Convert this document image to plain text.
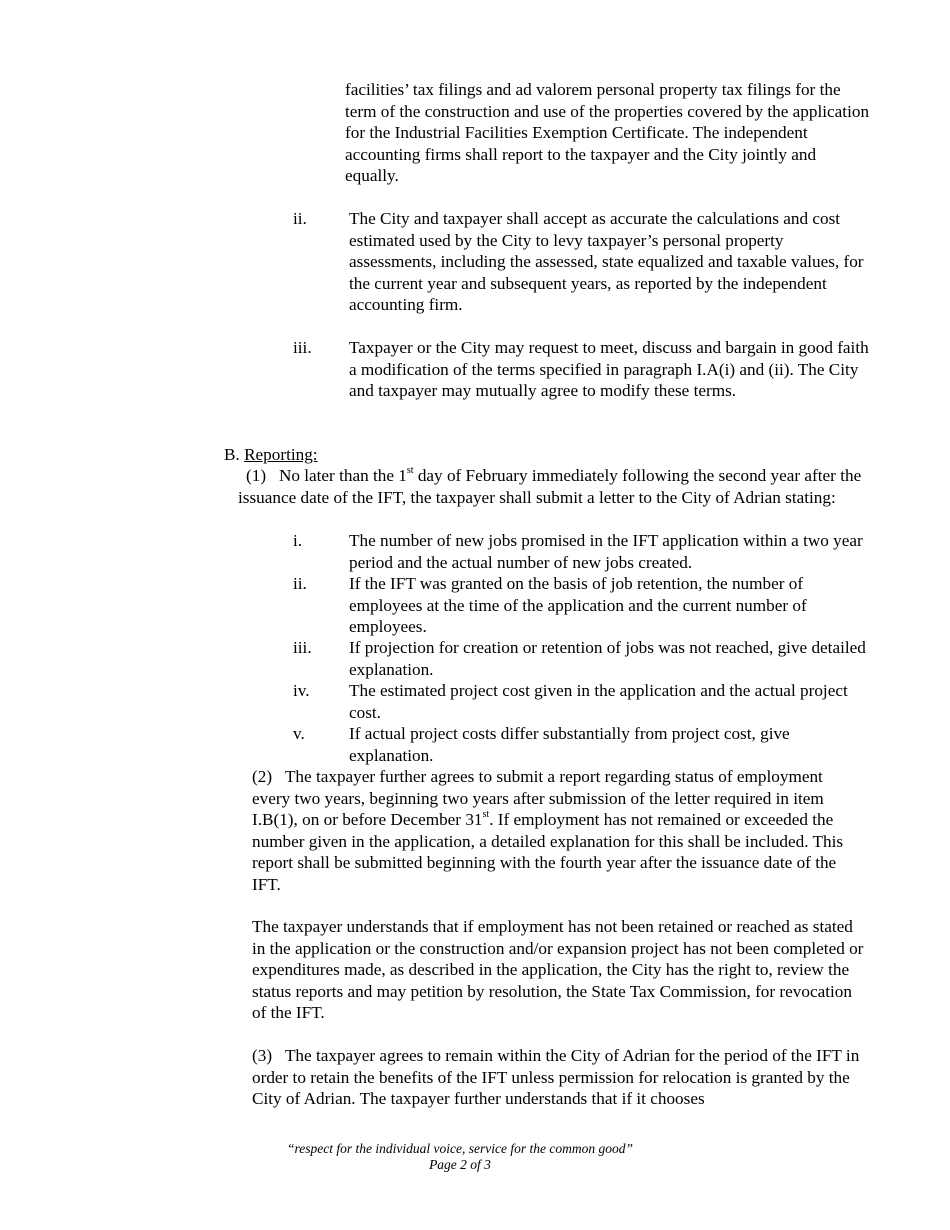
facilities’ tax filings and ad valorem personal property tax filings for the term of the construction and use of the properties covered by the application for the Industrial Facilities Exemption Certificate. The independent accounting firms shall report to the taxpayer and the City jointly and equally.

ii. The City and taxpayer shall accept as accurate the calculations and cost estimated used by the City to levy taxpayer’s personal property assessments, including the assessed, state equalized and taxable values, for the current year and subsequent years, as reported by the independent accounting firm.

iii. Taxpayer or the City may request to meet, discuss and bargain in good faith a modification of the terms specified in paragraph I.A(i) and (ii). The City and taxpayer may mutually agree to modify these terms.

B. Reporting:

(1) No later than the 1st day of February immediately following the second year after the issuance date of the IFT, the taxpayer shall submit a letter to the City of Adrian stating:

i.	The number of new jobs promised in the IFT application within a two year period and the actual number of new jobs created.

ii. If the IFT was granted on the basis of job retention, the number of employees at the time of the application and the current number of employees.

iii. If projection for creation or retention of jobs was not reached, give detailed explanation.

iv. The estimated project cost given in the application and the actual project cost.

v.	If actual project costs differ substantially from project cost, give explanation.

(2) The taxpayer further agrees to submit a report regarding status of employment every two years, beginning two years after submission of the letter required in item I.B(1), on or before December 31st. If employment has not remained or exceeded the number given in the application, a detailed explanation for this shall be included. This report shall be submitted beginning with the fourth year after the issuance date of the IFT.

The taxpayer understands that if employment has not been retained or reached as stated in the application or the construction and/or expansion project has not been completed or expenditures made, as described in the application, the City has the right to, review the status reports and may petition by resolution, the State Tax Commission, for revocation of the IFT.

(3) The taxpayer agrees to remain within the City of Adrian for the period of the IFT in order to retain the benefits of the IFT unless permission for relocation is granted by the City of Adrian. The taxpayer further understands that if it chooses

“respect for the individual voice, service for the common good”
Page 2 of 3
